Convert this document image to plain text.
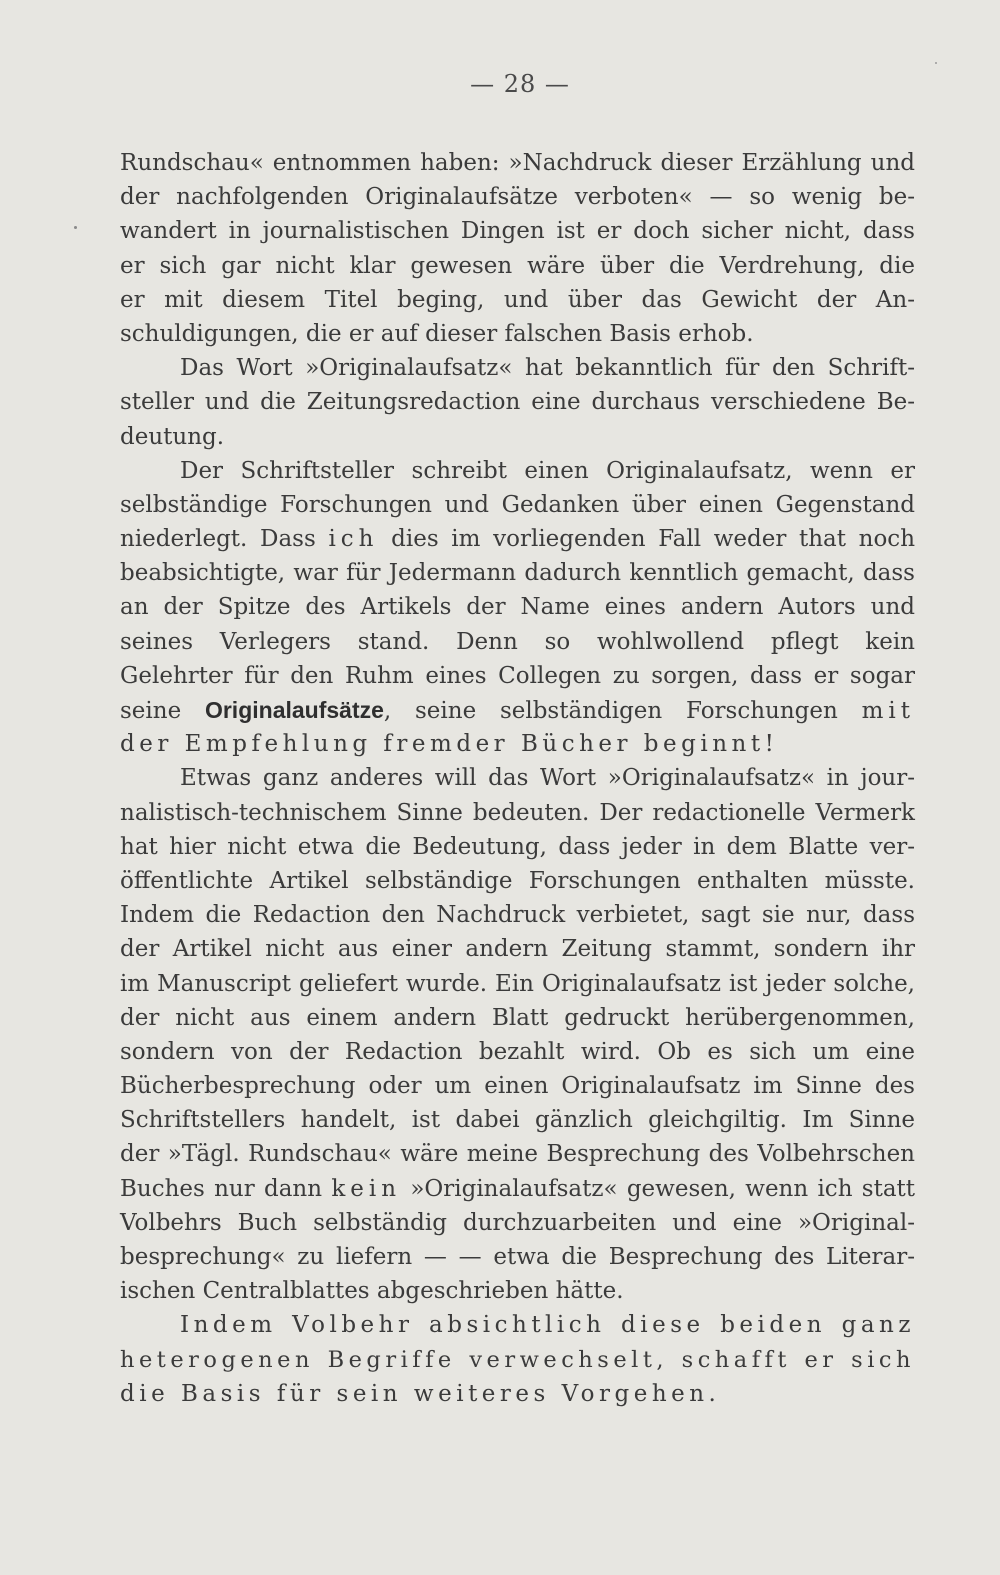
— 28 —
Rundschau« entnommen haben: »Nachdruck dieser Erzählung und
der nachfolgenden Originalaufsätze verboten« — so wenig be-
wandert in journalistischen Dingen ist er doch sicher nicht, dass
er sich gar nicht klar gewesen wäre über die Verdrehung, die
er mit diesem Titel beging, und über das Gewicht der An-
schuldigungen, die er auf dieser falschen Basis erhob.
Das Wort »Originalaufsatz« hat bekanntlich für den Schrift-
steller und die Zeitungsredaction eine durchaus verschiedene Be-
deutung.
Der Schriftsteller schreibt einen Originalaufsatz, wenn er
selbständige Forschungen und Gedanken über einen Gegenstand
niederlegt. Dass ich dies im vorliegenden Fall weder that noch
beabsichtigte, war für Jedermann dadurch kenntlich gemacht, dass
an der Spitze des Artikels der Name eines andern Autors und
seines Verlegers stand. Denn so wohlwollend pflegt kein
Gelehrter für den Ruhm eines Collegen zu sorgen, dass er sogar
seine Originalaufsätze, seine selbständigen Forschungen mit
der Empfehlung fremder Bücher beginnt!
Etwas ganz anderes will das Wort »Originalaufsatz« in jour-
nalistisch-technischem Sinne bedeuten. Der redactionelle Vermerk
hat hier nicht etwa die Bedeutung, dass jeder in dem Blatte ver-
öffentlichte Artikel selbständige Forschungen enthalten müsste.
Indem die Redaction den Nachdruck verbietet, sagt sie nur, dass
der Artikel nicht aus einer andern Zeitung stammt, sondern ihr
im Manuscript geliefert wurde. Ein Originalaufsatz ist jeder solche,
der nicht aus einem andern Blatt gedruckt herübergenommen,
sondern von der Redaction bezahlt wird. Ob es sich um eine
Bücherbesprechung oder um einen Originalaufsatz im Sinne des
Schriftstellers handelt, ist dabei gänzlich gleichgiltig. Im Sinne
der »Tägl. Rundschau« wäre meine Besprechung des Volbehrschen
Buches nur dann kein »Originalaufsatz« gewesen, wenn ich statt
Volbehrs Buch selbständig durchzuarbeiten und eine »Original-
besprechung« zu liefern — — etwa die Besprechung des Literar-
ischen Centralblattes abgeschrieben hätte.
Indem Volbehr absichtlich diese beiden ganz
heterogenen Begriffe verwechselt, schafft er sich
die Basis für sein weiteres Vorgehen.
